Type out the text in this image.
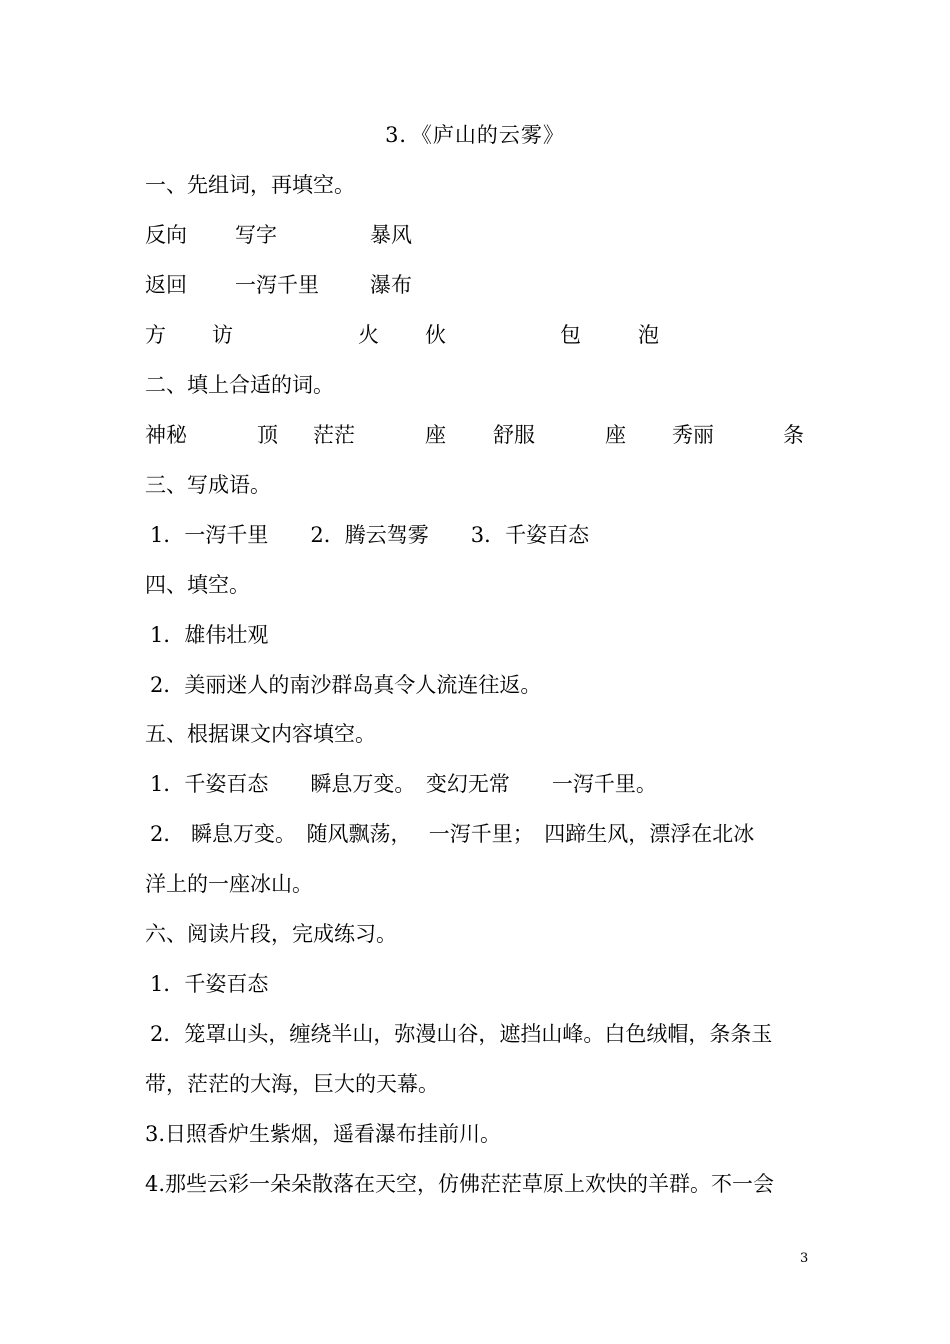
3．《庐山的云雾》
一、先组词，再填空。
反向 写字	暴风
返回 一泻千里 瀑布
方 访	火 伙	包	泡
二、填上合适的词。
神秘	顶 茫茫	座 舒服	座 秀丽	条
三、写成语。
1．一泻千里　　2．腾云驾雾　　3．千姿百态
四、填空。
1．雄伟壮观
2．美丽迷人的南沙群岛真令人流连往返。
五、根据课文内容填空。
1．千姿百态　　瞬息万变。　变幻无常　　一泻千里。
2． 瞬息万变。　随风飘荡，　 一泻千里；　四蹄生风，漂浮在北冰
洋上的一座冰山。
六、阅读片段，完成练习。
1．千姿百态
2．笼罩山头，缠绕半山，弥漫山谷，遮挡山峰。白色绒帽，条条玉
带，茫茫的大海，巨大的天幕。
3.日照香炉生紫烟，遥看瀑布挂前川。
4.那些云彩一朵朵散落在天空，仿佛茫茫草原上欢快的羊群。不一会
3
